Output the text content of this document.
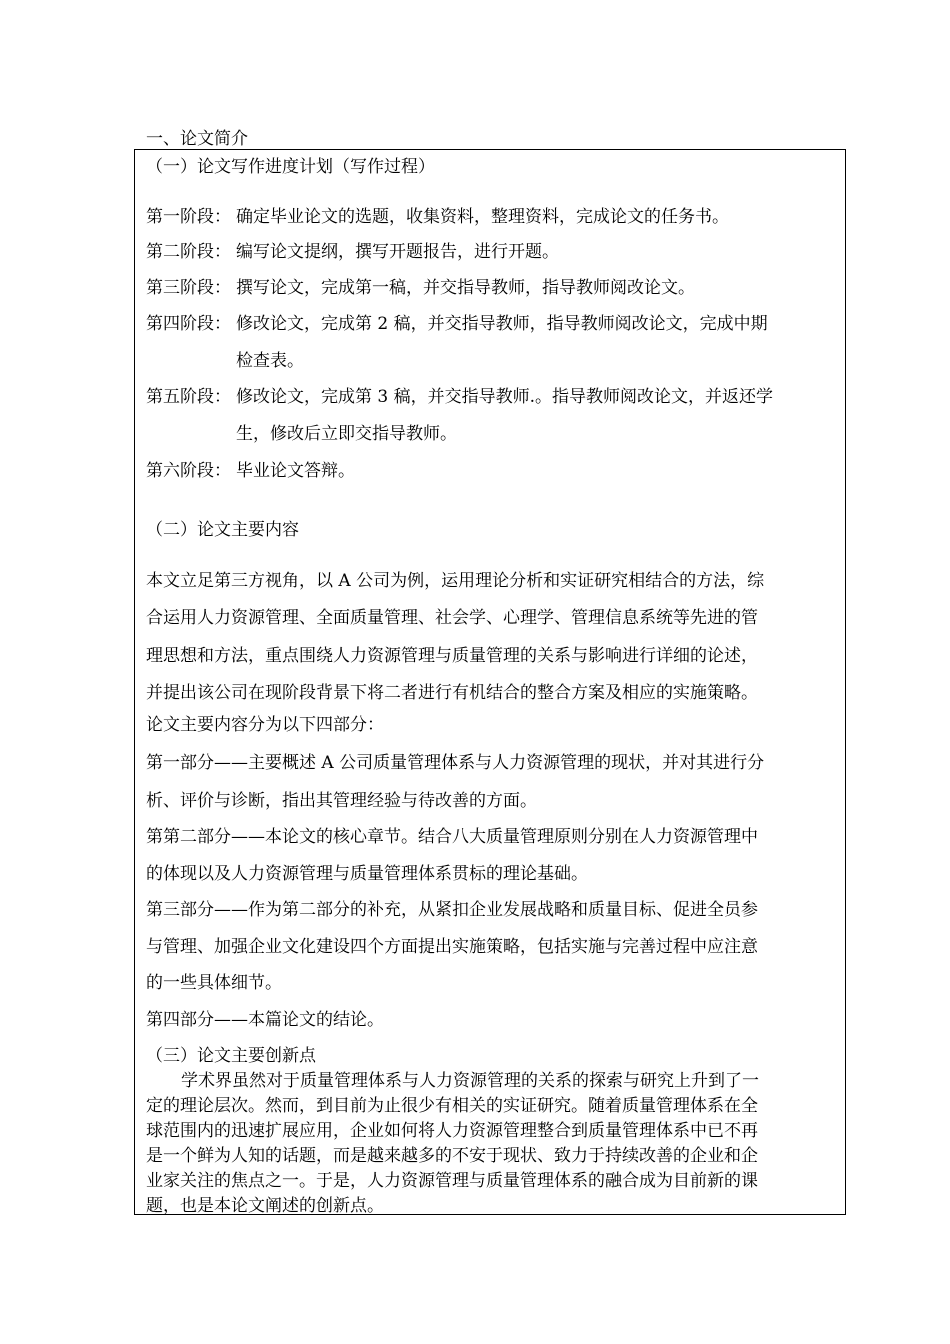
一、论文简介
（一）论文写作进度计划（写作过程）
第一阶段： 确定毕业论文的选题，收集资料，整理资料，完成论文的任务书。
第二阶段： 编写论文提纲，撰写开题报告，进行开题。
第三阶段： 撰写论文，完成第一稿，并交指导教师，指导教师阅改论文。
第四阶段： 修改论文，完成第 2 稿，并交指导教师，指导教师阅改论文，完成中期
检查表。
第五阶段： 修改论文，完成第 3 稿，并交指导教师.。指导教师阅改论文，并返还学
生，修改后立即交指导教师。
第六阶段： 毕业论文答辩。
（二）论文主要内容
本文立足第三方视角，以 A 公司为例，运用理论分析和实证研究相结合的方法，综
合运用人力资源管理、全面质量管理、社会学、心理学、管理信息系统等先进的管
理思想和方法，重点围绕人力资源管理与质量管理的关系与影响进行详细的论述，
并提出该公司在现阶段背景下将二者进行有机结合的整合方案及相应的实施策略。
论文主要内容分为以下四部分：
第一部分——主要概述 A 公司质量管理体系与人力资源管理的现状，并对其进行分
析、评价与诊断，指出其管理经验与待改善的方面。
第第二部分——本论文的核心章节。结合八大质量管理原则分别在人力资源管理中
的体现以及人力资源管理与质量管理体系贯标的理论基础。
第三部分——作为第二部分的补充，从紧扣企业发展战略和质量目标、促进全员参
与管理、加强企业文化建设四个方面提出实施策略，包括实施与完善过程中应注意
的一些具体细节。
第四部分——本篇论文的结论。
（三）论文主要创新点
学术界虽然对于质量管理体系与人力资源管理的关系的探索与研究上升到了一
定的理论层次。然而，到目前为止很少有相关的实证研究。随着质量管理体系在全
球范围内的迅速扩展应用，企业如何将人力资源管理整合到质量管理体系中已不再
是一个鲜为人知的话题，而是越来越多的不安于现状、致力于持续改善的企业和企
业家关注的焦点之一。于是，人力资源管理与质量管理体系的融合成为目前新的课
题，也是本论文阐述的创新点。
